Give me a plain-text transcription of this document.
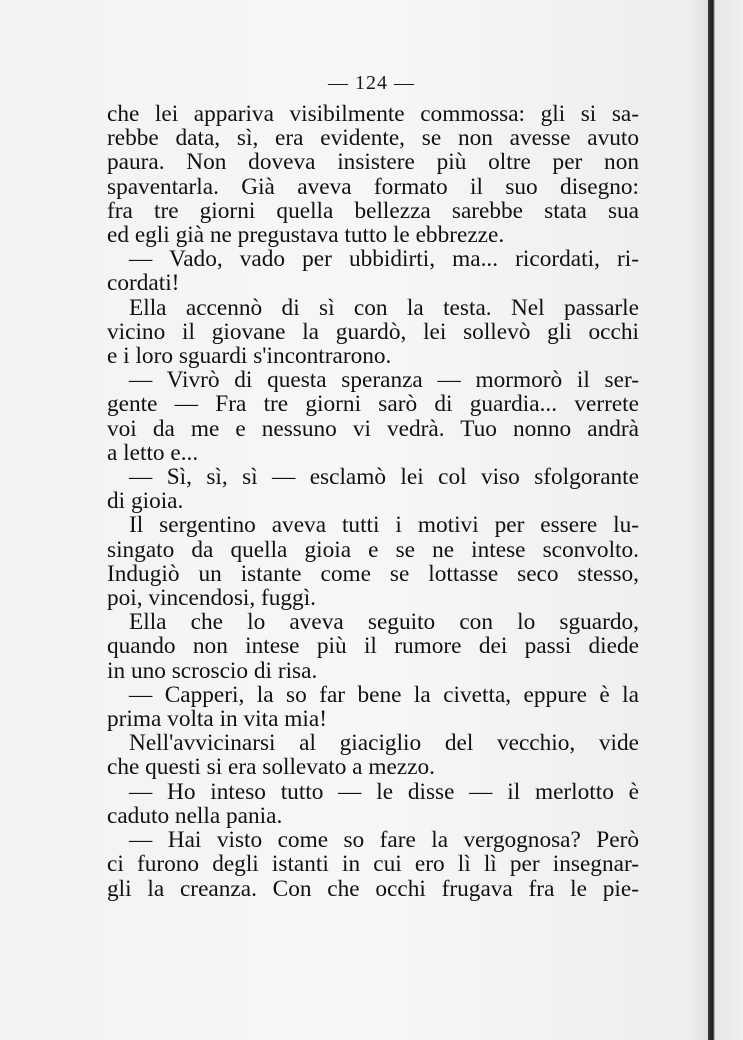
— 124 —
che lei appariva visibilmente commossa: gli si sa-
rebbe data, sì, era evidente, se non avesse avuto
paura. Non doveva insistere più oltre per non
spaventarla. Già aveva formato il suo disegno:
fra tre giorni quella bellezza sarebbe stata sua
ed egli già ne pregustava tutto le ebbrezze.
— Vado, vado per ubbidirti, ma... ricordati, ri-
cordati!
Ella accennò di sì con la testa. Nel passarle
vicino il giovane la guardò, lei sollevò gli occhi
e i loro sguardi s'incontrarono.
— Vivrò di questa speranza — mormorò il ser-
gente — Fra tre giorni sarò di guardia... verrete
voi da me e nessuno vi vedrà. Tuo nonno andrà
a letto e...
— Sì, sì, sì — esclamò lei col viso sfolgorante
di gioia.
Il sergentino aveva tutti i motivi per essere lu-
singato da quella gioia e se ne intese sconvolto.
Indugiò un istante come se lottasse seco stesso,
poi, vincendosi, fuggì.
Ella che lo aveva seguito con lo sguardo,
quando non intese più il rumore dei passi diede
in uno scroscio di risa.
— Capperi, la so far bene la civetta, eppure è la
prima volta in vita mia!
Nell'avvicinarsi al giaciglio del vecchio, vide
che questi si era sollevato a mezzo.
— Ho inteso tutto — le disse — il merlotto è
caduto nella pania.
— Hai visto come so fare la vergognosa? Però
ci furono degli istanti in cui ero lì lì per insegnar-
gli la creanza. Con che occhi frugava fra le pie-
